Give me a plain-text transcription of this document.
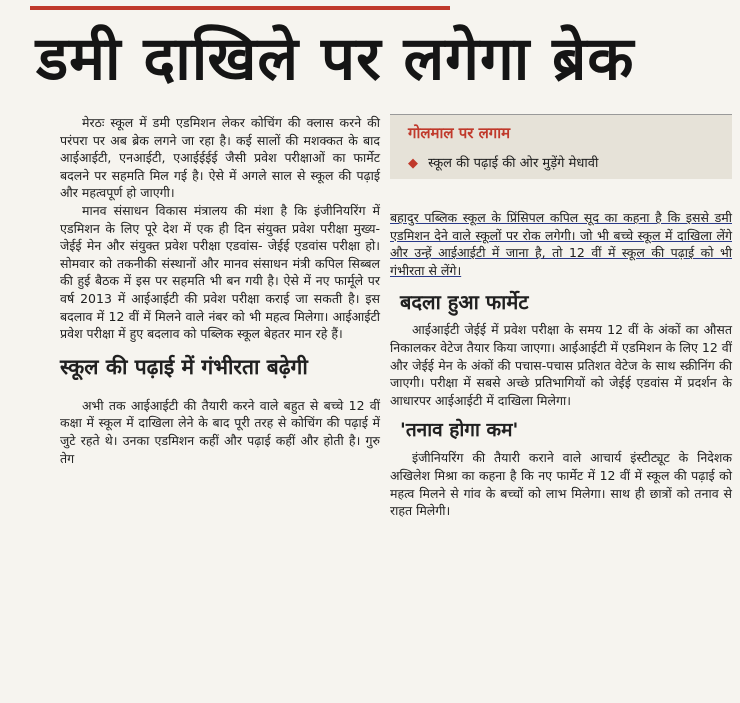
डमी दाखिले पर लगेगा ब्रेक

मेरठः स्कूल में डमी एडमिशन लेकर कोचिंग की क्लास करने की परंपरा पर अब ब्रेक लगने जा रहा है। कई सालों की मशक्कत के बाद आईआईटी, एनआईटी, एआईईईई जैसी प्रवेश परीक्षाओं का फार्मेट बदलने पर सहमति मिल गई है। ऐसे में अगले साल से स्कूल की पढ़ाई और महत्वपूर्ण हो जाएगी।

मानव संसाधन विकास मंत्रालय की मंशा है कि इंजीनियरिंग में एडमिशन के लिए पूरे देश में एक ही दिन संयुक्त प्रवेश परीक्षा मुख्य- जेईई मेन और संयुक्त प्रवेश परीक्षा एडवांस- जेईई एडवांस परीक्षा हो। सोमवार को तकनीकी संस्थानों और मानव संसाधन मंत्री कपिल सिब्बल की हुई बैठक में इस पर सहमति भी बन गयी है। ऐसे में नए फार्मूले पर वर्ष 2013 में आईआईटी की प्रवेश परीक्षा कराई जा सकती है। इस बदलाव में 12 वीं में मिलने वाले नंबर को भी महत्व मिलेगा। आईआईटी प्रवेश परीक्षा में हुए बदलाव को पब्लिक स्कूल बेहतर मान रहे हैं।

स्कूल की पढ़ाई में गंभीरता बढ़ेगी

अभी तक आईआईटी की तैयारी करने वाले बहुत से बच्चे 12 वीं कक्षा में स्कूल में दाखिला लेने के बाद पूरी तरह से कोचिंग की पढ़ाई में जुटे रहते थे। उनका एडमिशन कहीं और पढ़ाई कहीं और होती है। गुरु तेग

गोलमाल पर लगाम
◆ स्कूल की पढ़ाई की ओर मुड़ेंगे मेधावी

बहादुर पब्लिक स्कूल के प्रिंसिपल कपिल सूद का कहना है कि इससे डमी एडमिशन देने वाले स्कूलों पर रोक लगेगी। जो भी बच्चे स्कूल में दाखिला लेंगे और उन्हें आईआईटी में जाना है, तो 12 वीं में स्कूल की पढ़ाई को भी गंभीरता से लेंगे।

बदला हुआ फार्मेट

आईआईटी जेईई में प्रवेश परीक्षा के समय 12 वीं के अंकों का औसत निकालकर वेटेज तैयार किया जाएगा। आईआईटी में एडमिशन के लिए 12 वीं और जेईई मेन के अंकों की पचास-पचास प्रतिशत वेटेज के साथ स्क्रीनिंग की जाएगी। परीक्षा में सबसे अच्छे प्रतिभागियों को जेईई एडवांस में प्रदर्शन के आधारपर आईआईटी में दाखिला मिलेगा।

'तनाव होगा कम'

इंजीनियरिंग की तैयारी कराने वाले आचार्य इंस्टीट्यूट के निदेशक अखिलेश मिश्रा का कहना है कि नए फार्मेट में 12 वीं में स्कूल की पढ़ाई को महत्व मिलने से गांव के बच्चों को लाभ मिलेगा। साथ ही छात्रों को तनाव से राहत मिलेगी।
